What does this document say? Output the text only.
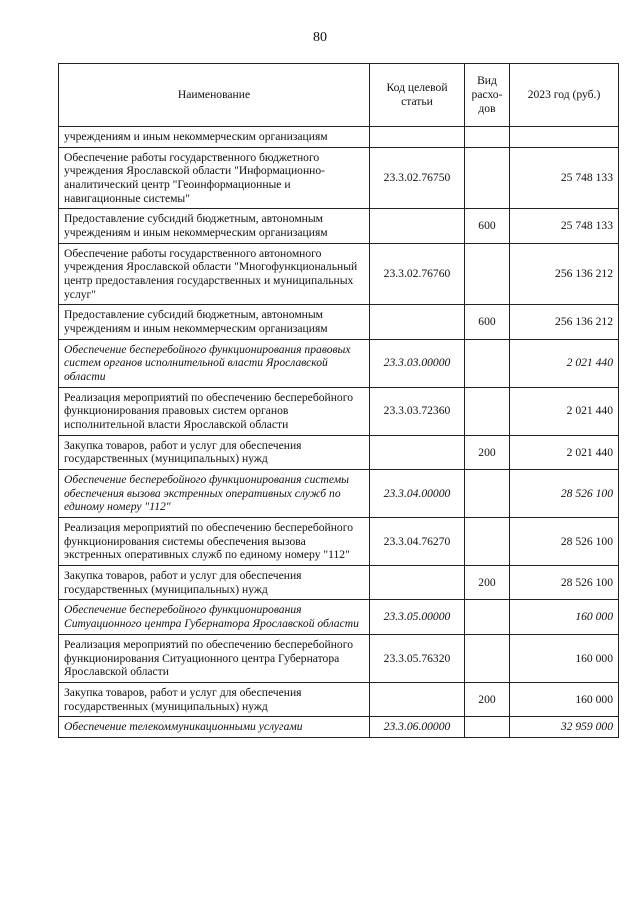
80
Наименование	Код целевой статьи	Вид расхо-дов	2023 год (руб.)
учреждениям и иным некоммерческим организациям			
Обеспечение работы государственного бюджетного учреждения Ярославской области "Информационно-аналитический центр "Геоинформационные и навигационные системы"	23.3.02.76750		25 748 133
Предоставление субсидий бюджетным, автономным учреждениям и иным некоммерческим организациям		600	25 748 133
Обеспечение работы государственного автономного учреждения Ярославской области "Многофункциональный центр предоставления государственных и муниципальных услуг"	23.3.02.76760		256 136 212
Предоставление субсидий бюджетным, автономным учреждениям и иным некоммерческим организациям		600	256 136 212
Обеспечение бесперебойного функционирования правовых систем органов исполнительной власти Ярославской области	23.3.03.00000		2 021 440
Реализация мероприятий по обеспечению бесперебойного функционирования правовых систем органов исполнительной власти Ярославской области	23.3.03.72360		2 021 440
Закупка товаров, работ и услуг для обеспечения государственных (муниципальных) нужд		200	2 021 440
Обеспечение бесперебойного функционирования системы обеспечения вызова экстренных оперативных служб по единому номеру "112"	23.3.04.00000		28 526 100
Реализация мероприятий по обеспечению бесперебойного функционирования системы обеспечения вызова экстренных оперативных служб по единому номеру "112"	23.3.04.76270		28 526 100
Закупка товаров, работ и услуг для обеспечения государственных (муниципальных) нужд		200	28 526 100
Обеспечение бесперебойного функционирования Ситуационного центра Губернатора Ярославской области	23.3.05.00000		160 000
Реализация мероприятий по обеспечению бесперебойного функционирования Ситуационного центра Губернатора Ярославской области	23.3.05.76320		160 000
Закупка товаров, работ и услуг для обеспечения государственных (муниципальных) нужд		200	160 000
Обеспечение телекоммуникационными услугами	23.3.06.00000		32 959 000
